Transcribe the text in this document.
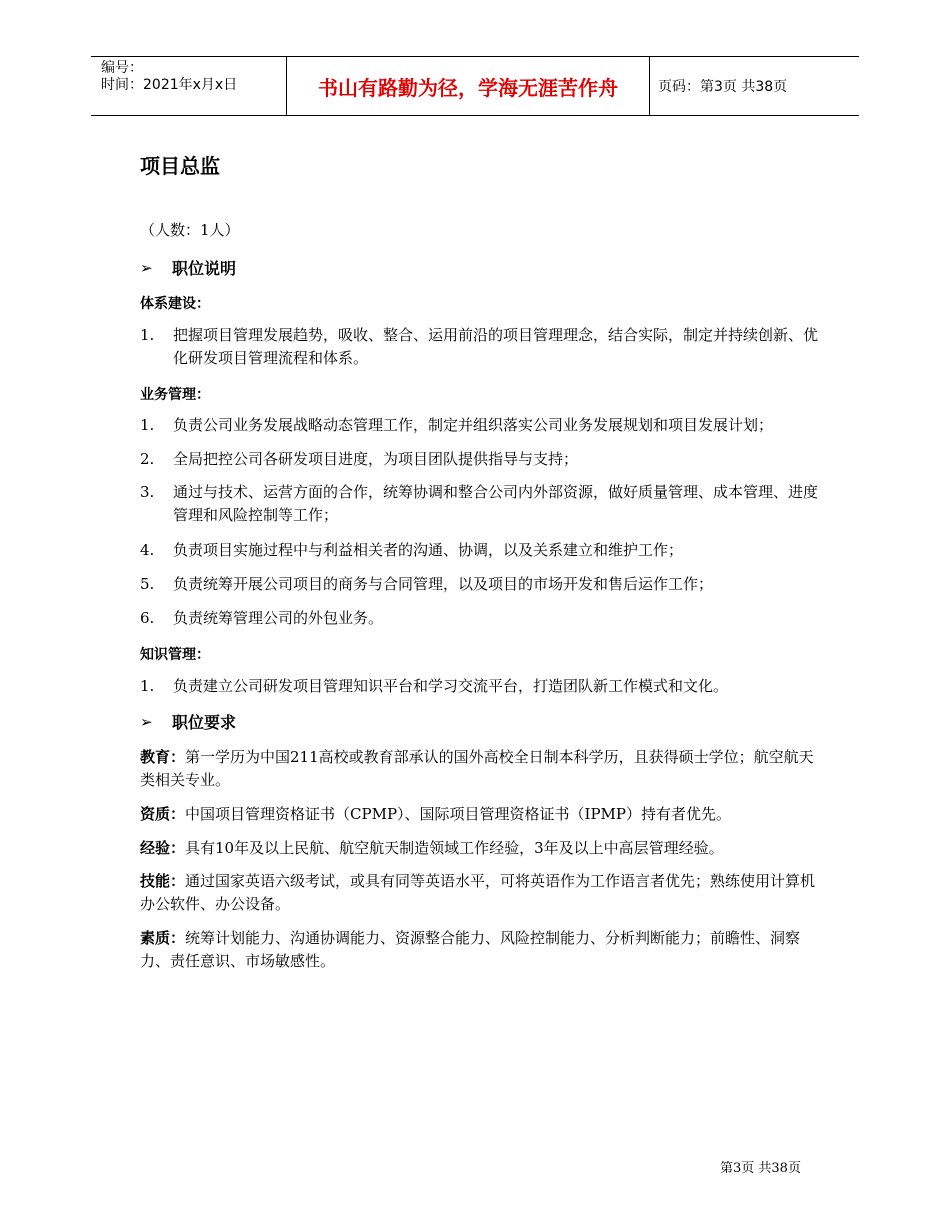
编号：
时间：2021年x月x日	书山有路勤为径，学海无涯苦作舟	页码：第3页 共38页
项目总监
（人数：1人）
➢	职位说明
体系建设：
1. 把握项目管理发展趋势，吸收、整合、运用前沿的项目管理理念，结合实际，制定并持续创新、优化研发项目管理流程和体系。
业务管理：
1. 负责公司业务发展战略动态管理工作，制定并组织落实公司业务发展规划和项目发展计划；
2. 全局把控公司各研发项目进度，为项目团队提供指导与支持；
3. 通过与技术、运营方面的合作，统筹协调和整合公司内外部资源，做好质量管理、成本管理、进度管理和风险控制等工作；
4. 负责项目实施过程中与利益相关者的沟通、协调，以及关系建立和维护工作；
5. 负责统筹开展公司项目的商务与合同管理，以及项目的市场开发和售后运作工作；
6. 负责统筹管理公司的外包业务。
知识管理：
1. 负责建立公司研发项目管理知识平台和学习交流平台，打造团队新工作模式和文化。
➢	职位要求
教育：第一学历为中国211高校或教育部承认的国外高校全日制本科学历，且获得硕士学位；航空航天类相关专业。
资质：中国项目管理资格证书（CPMP）、国际项目管理资格证书（IPMP）持有者优先。
经验：具有10年及以上民航、航空航天制造领域工作经验，3年及以上中高层管理经验。
技能：通过国家英语六级考试，或具有同等英语水平，可将英语作为工作语言者优先；熟练使用计算机办公软件、办公设备。
素质：统筹计划能力、沟通协调能力、资源整合能力、风险控制能力、分析判断能力；前瞻性、洞察力、责任意识、市场敏感性。
第3页 共38页
